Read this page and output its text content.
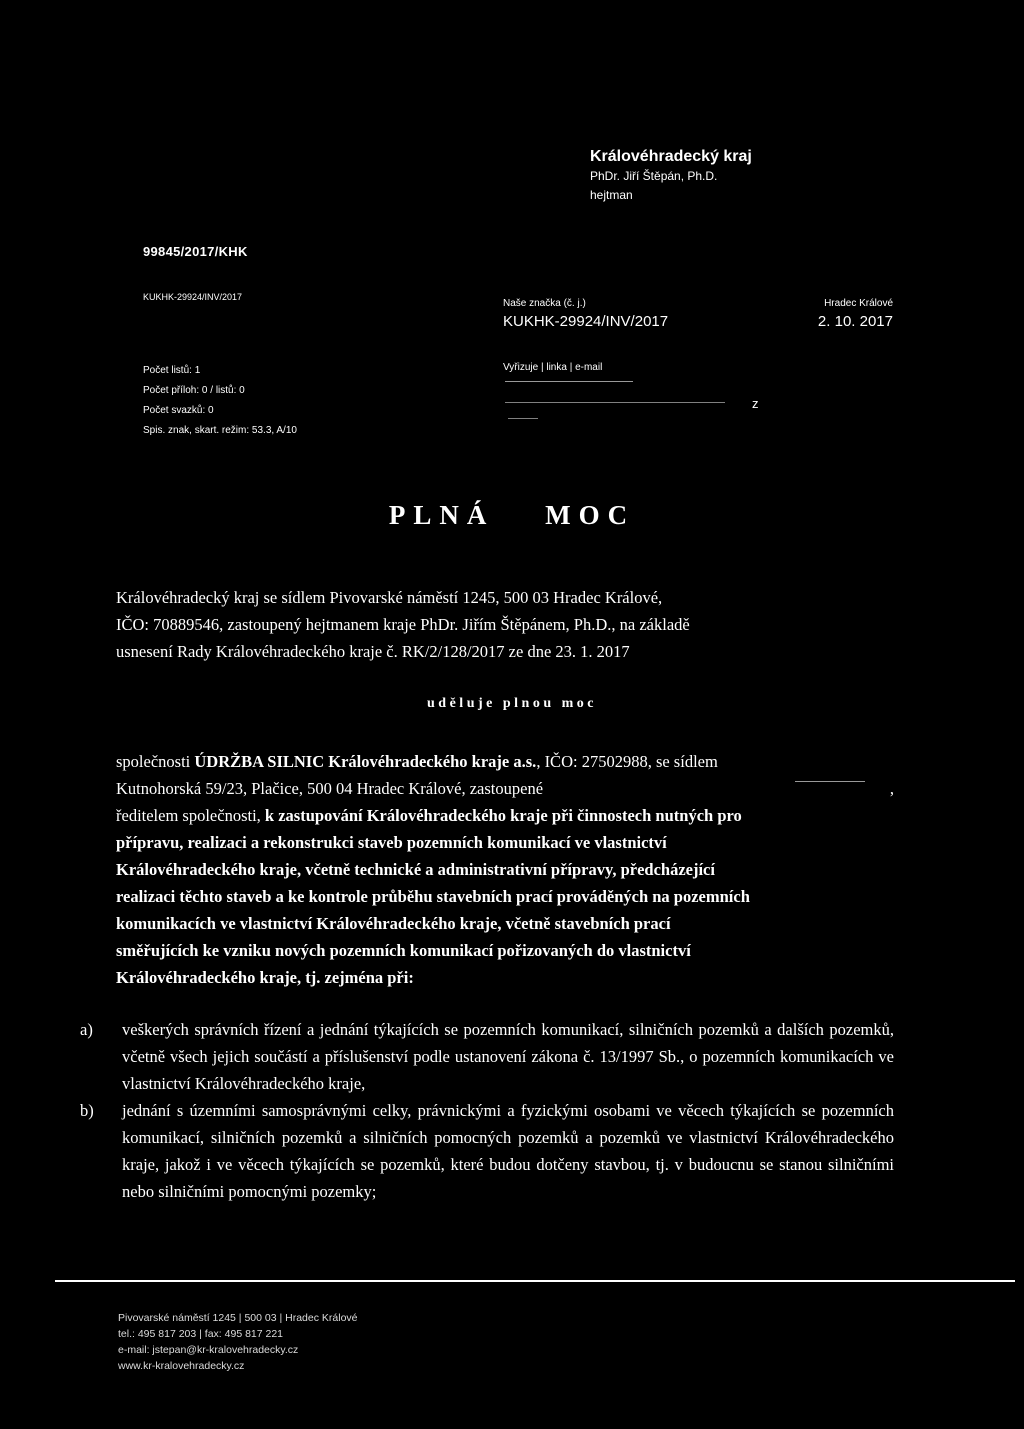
Královéhradecký kraj
PhDr. Jiří Štěpán, Ph.D.
hejtman
99845/2017/KHK
KUKHK-29924/INV/2017
Naše značka (č. j.)
KUKHK-29924/INV/2017
Hradec Králové
2. 10. 2017
Vyřizuje | linka | e-mail
z
Počet listů: 1
Počet příloh: 0 / listů: 0
Počet svazků: 0
Spis. znak, skart. režim: 53.3, A/10
PLNÁ MOC
Královéhradecký kraj se sídlem Pivovarské náměstí 1245, 500 03 Hradec Králové,
IČO: 70889546, zastoupený hejtmanem kraje PhDr. Jiřím Štěpánem, Ph.D., na základě
usnesení Rady Královéhradeckého kraje č. RK/2/128/2017 ze dne 23. 1. 2017
uděluje plnou moc
společnosti ÚDRŽBA SILNIC Královéhradeckého kraje a.s., IČO: 27502988, se sídlem
Kutnohorská 59/23, Plačice, 500 04 Hradec Králové, zastoupené	,
ředitelem společnosti, k zastupování Královéhradeckého kraje při činnostech nutných pro
přípravu, realizaci a rekonstrukci staveb pozemních komunikací ve vlastnictví
Královéhradeckého kraje, včetně technické a administrativní přípravy, předcházející
realizaci těchto staveb a ke kontrole průběhu stavebních prací prováděných na pozemních
komunikacích ve vlastnictví Královéhradeckého kraje, včetně stavebních prací
směřujících ke vzniku nových pozemních komunikací pořizovaných do vlastnictví
Královéhradeckého kraje, tj. zejména při:
a)	veškerých správních řízení a jednání týkajících se pozemních komunikací, silničních pozemků a dalších pozemků, včetně všech jejich součástí a příslušenství podle ustanovení zákona č. 13/1997 Sb., o pozemních komunikacích ve vlastnictví Královéhradeckého kraje,
b)	jednání s územními samosprávnými celky, právnickými a fyzickými osobami ve věcech týkajících se pozemních komunikací, silničních pozemků a silničních pomocných pozemků a pozemků ve vlastnictví Královéhradeckého kraje, jakož i ve věcech týkajících se pozemků, které budou dotčeny stavbou, tj. v budoucnu se stanou silničními nebo silničními pomocnými pozemky;
Pivovarské náměstí 1245 | 500 03 | Hradec Králové
tel.: 495 817 203 | fax: 495 817 221
e-mail: jstepan@kr-kralovehradecky.cz
www.kr-kralovehradecky.cz
